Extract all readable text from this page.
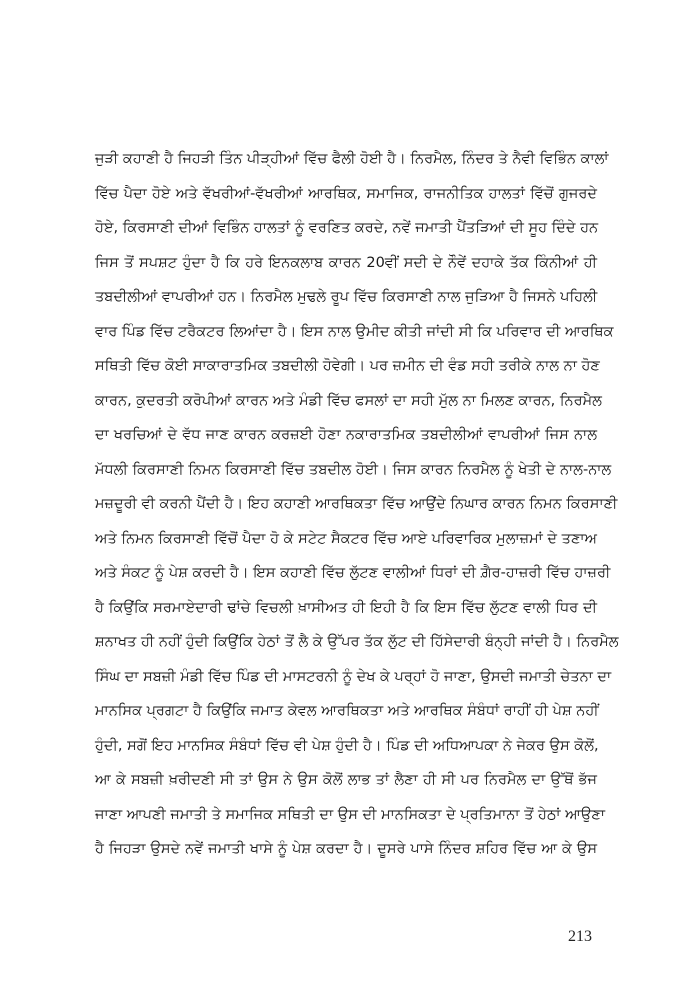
ਜੁੜੀ ਕਹਾਣੀ ਹੈ ਜਿਹੜੀ ਤਿੰਨ ਪੀੜ੍ਹੀਆਂ ਵਿੱਚ ਫੈਲੀ ਹੋਈ ਹੈ। ਨਿਰਮੈਲ, ਨਿੰਦਰ ਤੇ ਨੈਵੀ ਵਿਭਿੰਨ ਕਾਲਾਂ
ਵਿੱਚ ਪੈਦਾ ਹੋਏ ਅਤੇ ਵੱਖਰੀਆਂ-ਵੱਖਰੀਆਂ ਆਰਥਿਕ, ਸਮਾਜਿਕ, ਰਾਜਨੀਤਿਕ ਹਾਲਤਾਂ ਵਿੱਚੋਂ ਗੁਜਰਦੇ
ਹੋਏ, ਕਿਰਸਾਣੀ ਦੀਆਂ ਵਿਭਿੰਨ ਹਾਲਤਾਂ ਨੂੰ ਵਰਣਿਤ ਕਰਦੇ, ਨਵੇਂ ਜਮਾਤੀ ਪੈਂਤੜਿਆਂ ਦੀ ਸੂਹ ਦਿੰਦੇ ਹਨ
ਜਿਸ ਤੋਂ ਸਪਸ਼ਟ ਹੁੰਦਾ ਹੈ ਕਿ ਹਰੇ ਇਨਕਲਾਬ ਕਾਰਨ 20ਵੀਂ ਸਦੀ ਦੇ ਨੌਵੇਂ ਦਹਾਕੇ ਤੱਕ ਕਿੰਨੀਆਂ ਹੀ
ਤਬਦੀਲੀਆਂ ਵਾਪਰੀਆਂ ਹਨ। ਨਿਰਮੈਲ ਮੁਢਲੇ ਰੂਪ ਵਿੱਚ ਕਿਰਸਾਣੀ ਨਾਲ ਜੁੜਿਆ ਹੈ ਜਿਸਨੇ ਪਹਿਲੀ
ਵਾਰ ਪਿੰਡ ਵਿੱਚ ਟਰੈਕਟਰ ਲਿਆਂਦਾ ਹੈ। ਇਸ ਨਾਲ ਉਮੀਦ ਕੀਤੀ ਜਾਂਦੀ ਸੀ ਕਿ ਪਰਿਵਾਰ ਦੀ ਆਰਥਿਕ
ਸਥਿਤੀ ਵਿੱਚ ਕੋਈ ਸਾਕਾਰਾਤਮਿਕ ਤਬਦੀਲੀ ਹੋਵੇਗੀ। ਪਰ ਜ਼ਮੀਨ ਦੀ ਵੰਡ ਸਹੀ ਤਰੀਕੇ ਨਾਲ ਨਾ ਹੋਣ
ਕਾਰਨ, ਕੁਦਰਤੀ ਕਰੋਪੀਆਂ ਕਾਰਨ ਅਤੇ ਮੰਡੀ ਵਿੱਚ ਫਸਲਾਂ ਦਾ ਸਹੀ ਮੁੱਲ ਨਾ ਮਿਲਣ ਕਾਰਨ, ਨਿਰਮੈਲ
ਦਾ ਖਰਚਿਆਂ ਦੇ ਵੱਧ ਜਾਣ ਕਾਰਨ ਕਰਜ਼ਈ ਹੋਣਾ ਨਕਾਰਾਤਮਿਕ ਤਬਦੀਲੀਆਂ ਵਾਪਰੀਆਂ ਜਿਸ ਨਾਲ
ਮੱਧਲੀ ਕਿਰਸਾਣੀ ਨਿਮਨ ਕਿਰਸਾਣੀ ਵਿੱਚ ਤਬਦੀਲ ਹੋਈ। ਜਿਸ ਕਾਰਨ ਨਿਰਮੈਲ ਨੂੰ ਖੇਤੀ ਦੇ ਨਾਲ-ਨਾਲ
ਮਜ਼ਦੂਰੀ ਵੀ ਕਰਨੀ ਪੈਂਦੀ ਹੈ। ਇਹ ਕਹਾਣੀ ਆਰਥਿਕਤਾ ਵਿੱਚ ਆਉਂਦੇ ਨਿਘਾਰ ਕਾਰਨ ਨਿਮਨ ਕਿਰਸਾਣੀ
ਅਤੇ ਨਿਮਨ ਕਿਰਸਾਣੀ ਵਿੱਚੋਂ ਪੈਦਾ ਹੋ ਕੇ ਸਟੇਟ ਸੈਕਟਰ ਵਿੱਚ ਆਏ ਪਰਿਵਾਰਿਕ ਮੁਲਾਜ਼ਮਾਂ ਦੇ ਤਣਾਅ
ਅਤੇ ਸੰਕਟ ਨੂੰ ਪੇਸ਼ ਕਰਦੀ ਹੈ। ਇਸ ਕਹਾਣੀ ਵਿੱਚ ਲੁੱਟਣ ਵਾਲੀਆਂ ਧਿਰਾਂ ਦੀ ਗ਼ੈਰ-ਹਾਜ਼ਰੀ ਵਿੱਚ ਹਾਜ਼ਰੀ
ਹੈ ਕਿਉਂਕਿ ਸਰਮਾਏਦਾਰੀ ਢਾਂਚੇ ਵਿਚਲੀ ਖ਼ਾਸੀਅਤ ਹੀ ਇਹੀ ਹੈ ਕਿ ਇਸ ਵਿੱਚ ਲੁੱਟਣ ਵਾਲੀ ਧਿਰ ਦੀ
ਸ਼ਨਾਖਤ ਹੀ ਨਹੀਂ ਹੁੰਦੀ ਕਿਉਂਕਿ ਹੇਠਾਂ ਤੋਂ ਲੈ ਕੇ ਉੱਪਰ ਤੱਕ ਲੁੱਟ ਦੀ ਹਿੱਸੇਦਾਰੀ ਬੰਨ੍ਹੀ ਜਾਂਦੀ ਹੈ। ਨਿਰਮੈਲ
ਸਿੰਘ ਦਾ ਸਬਜ਼ੀ ਮੰਡੀ ਵਿੱਚ ਪਿੰਡ ਦੀ ਮਾਸਟਰਨੀ ਨੂੰ ਦੇਖ ਕੇ ਪਰ੍ਹਾਂ ਹੋ ਜਾਣਾ, ਉਸਦੀ ਜਮਾਤੀ ਚੇਤਨਾ ਦਾ
ਮਾਨਸਿਕ ਪ੍ਰਗਟਾ ਹੈ ਕਿਉਂਕਿ ਜਮਾਤ ਕੇਵਲ ਆਰਥਿਕਤਾ ਅਤੇ ਆਰਥਿਕ ਸੰਬੰਧਾਂ ਰਾਹੀਂ ਹੀ ਪੇਸ਼ ਨਹੀਂ
ਹੁੰਦੀ, ਸਗੋਂ ਇਹ ਮਾਨਸਿਕ ਸੰਬੰਧਾਂ ਵਿੱਚ ਵੀ ਪੇਸ਼ ਹੁੰਦੀ ਹੈ। ਪਿੰਡ ਦੀ ਅਧਿਆਪਕਾ ਨੇ ਜੇਕਰ ਉਸ ਕੋਲੋਂ,
ਆ ਕੇ ਸਬਜ਼ੀ ਖ਼ਰੀਦਣੀ ਸੀ ਤਾਂ ਉਸ ਨੇ ਉਸ ਕੋਲੋਂ ਲਾਭ ਤਾਂ ਲੈਣਾ ਹੀ ਸੀ ਪਰ ਨਿਰਮੈਲ ਦਾ ਉੱਥੋਂ ਭੱਜ
ਜਾਣਾ ਆਪਣੀ ਜਮਾਤੀ ਤੇ ਸਮਾਜਿਕ ਸਥਿਤੀ ਦਾ ਉਸ ਦੀ ਮਾਨਸਿਕਤਾ ਦੇ ਪ੍ਰਤਿਮਾਨਾ ਤੋਂ ਹੇਠਾਂ ਆਉਣਾ
ਹੈ ਜਿਹੜਾ ਉਸਦੇ ਨਵੇਂ ਜਮਾਤੀ ਖਾਸੇ ਨੂੰ ਪੇਸ਼ ਕਰਦਾ ਹੈ। ਦੂਸਰੇ ਪਾਸੇ ਨਿੰਦਰ ਸ਼ਹਿਰ ਵਿੱਚ ਆ ਕੇ ਉਸ
213
